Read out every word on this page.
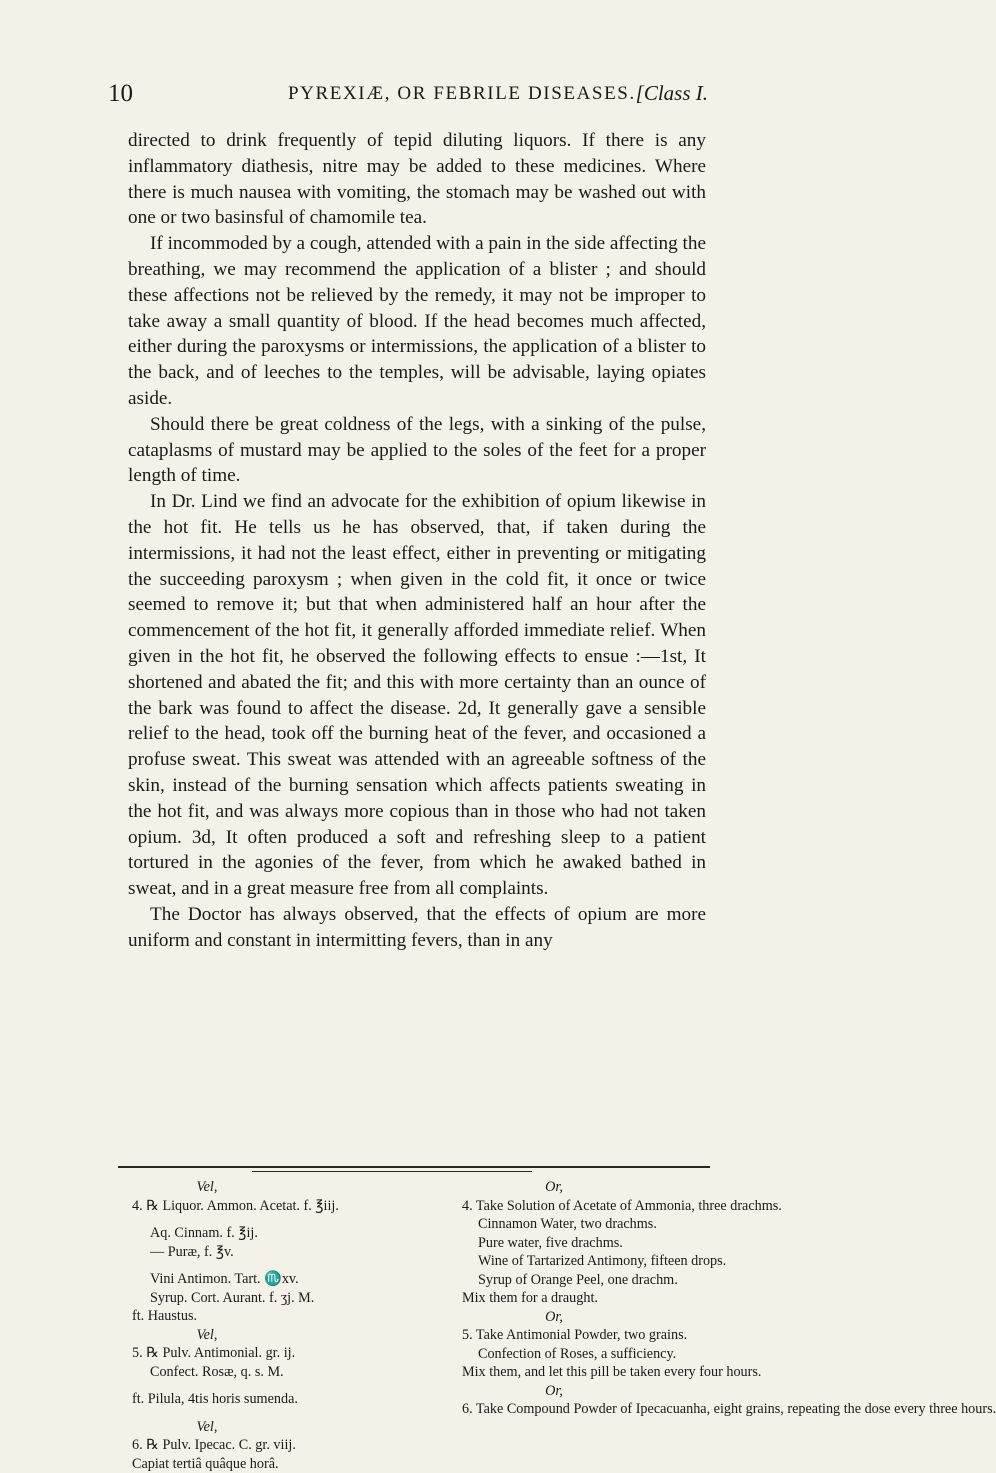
10	PYREXIÆ, OR FEBRILE DISEASES. [Class I.

directed to drink frequently of tepid diluting liquors. If there is any inflammatory diathesis, nitre may be added to these medicines. Where there is much nausea with vomiting, the stomach may be washed out with one or two basinsful of chamomile tea.

If incommoded by a cough, attended with a pain in the side affecting the breathing, we may recommend the application of a blister ; and should these affections not be relieved by the remedy, it may not be improper to take away a small quantity of blood. If the head becomes much affected, either during the paroxysms or intermissions, the application of a blister to the back, and of leeches to the temples, will be advisable, laying opiates aside.

Should there be great coldness of the legs, with a sinking of the pulse, cataplasms of mustard may be applied to the soles of the feet for a proper length of time.

In Dr. Lind we find an advocate for the exhibition of opium likewise in the hot fit. He tells us he has observed, that, if taken during the intermissions, it had not the least effect, either in preventing or mitigating the succeeding paroxysm ; when given in the cold fit, it once or twice seemed to remove it; but that when administered half an hour after the commencement of the hot fit, it generally afforded immediate relief. When given in the hot fit, he observed the following effects to ensue :—1st, It shortened and abated the fit; and this with more certainty than an ounce of the bark was found to affect the disease. 2d, It generally gave a sensible relief to the head, took off the burning heat of the fever, and occasioned a profuse sweat. This sweat was attended with an agreeable softness of the skin, instead of the burning sensation which affects patients sweating in the hot fit, and was always more copious than in those who had not taken opium. 3d, It often produced a soft and refreshing sleep to a patient tortured in the agonies of the fever, from which he awaked bathed in sweat, and in a great measure free from all complaints.

The Doctor has always observed, that the effects of opium are more uniform and constant in intermitting fevers, than in any

Vel,
4. ℞ Liquor. Ammon. Acetat. f. ℥iij.
Aq. Cinnam. f. ℥ij.
— Puræ, f. ℥v.
Vini Antimon. Tart. ♏xv.
Syrup. Cort. Aurant. f. ʒj. M.
ft. Haustus.
Vel,
5. ℞ Pulv. Antimonial. gr. ij.
Confect. Rosæ, q. s. M.
ft. Pilula, 4tis horis sumenda.
Vel,
6. ℞ Pulv. Ipecac. C. gr. viij.
Capiat tertiâ quâque horâ.
Or,
4. Take Solution of Acetate of Ammonia, three drachms.
Cinnamon Water, two drachms.
Pure water, five drachms.
Wine of Tartarized Antimony, fifteen drops.
Syrup of Orange Peel, one drachm.
Mix them for a draught.
Or,
5. Take Antimonial Powder, two grains.
Confection of Roses, a sufficiency.
Mix them, and let this pill be taken every four hours.
Or,
6. Take Compound Powder of Ipecacuanha, eight grains, repeating the dose every three hours.
